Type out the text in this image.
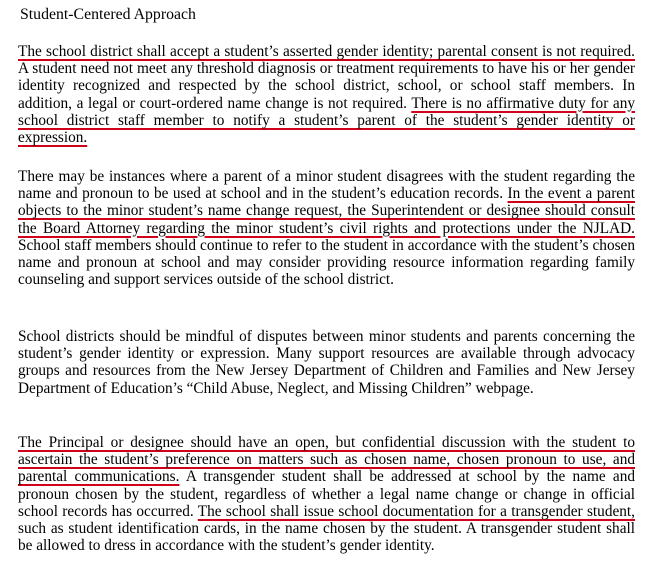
Student-Centered Approach

The school district shall accept a student’s asserted gender identity; parental consent is not required. A student need not meet any threshold diagnosis or treatment requirements to have his or her gender identity recognized and respected by the school district, school, or school staff members. In addition, a legal or court-ordered name change is not required. There is no affirmative duty for any school district staff member to notify a student’s parent of the student’s gender identity or expression.

There may be instances where a parent of a minor student disagrees with the student regarding the name and pronoun to be used at school and in the student’s education records. In the event a parent objects to the minor student’s name change request, the Superintendent or designee should consult the Board Attorney regarding the minor student’s civil rights and protections under the NJLAD. School staff members should continue to refer to the student in accordance with the student’s chosen name and pronoun at school and may consider providing resource information regarding family counseling and support services outside of the school district.

School districts should be mindful of disputes between minor students and parents concerning the student’s gender identity or expression. Many support resources are available through advocacy groups and resources from the New Jersey Department of Children and Families and New Jersey Department of Education’s “Child Abuse, Neglect, and Missing Children” webpage.

The Principal or designee should have an open, but confidential discussion with the student to ascertain the student’s preference on matters such as chosen name, chosen pronoun to use, and parental communications. A transgender student shall be addressed at school by the name and pronoun chosen by the student, regardless of whether a legal name change or change in official school records has occurred. The school shall issue school documentation for a transgender student, such as student identification cards, in the name chosen by the student. A transgender student shall be allowed to dress in accordance with the student’s gender identity.
